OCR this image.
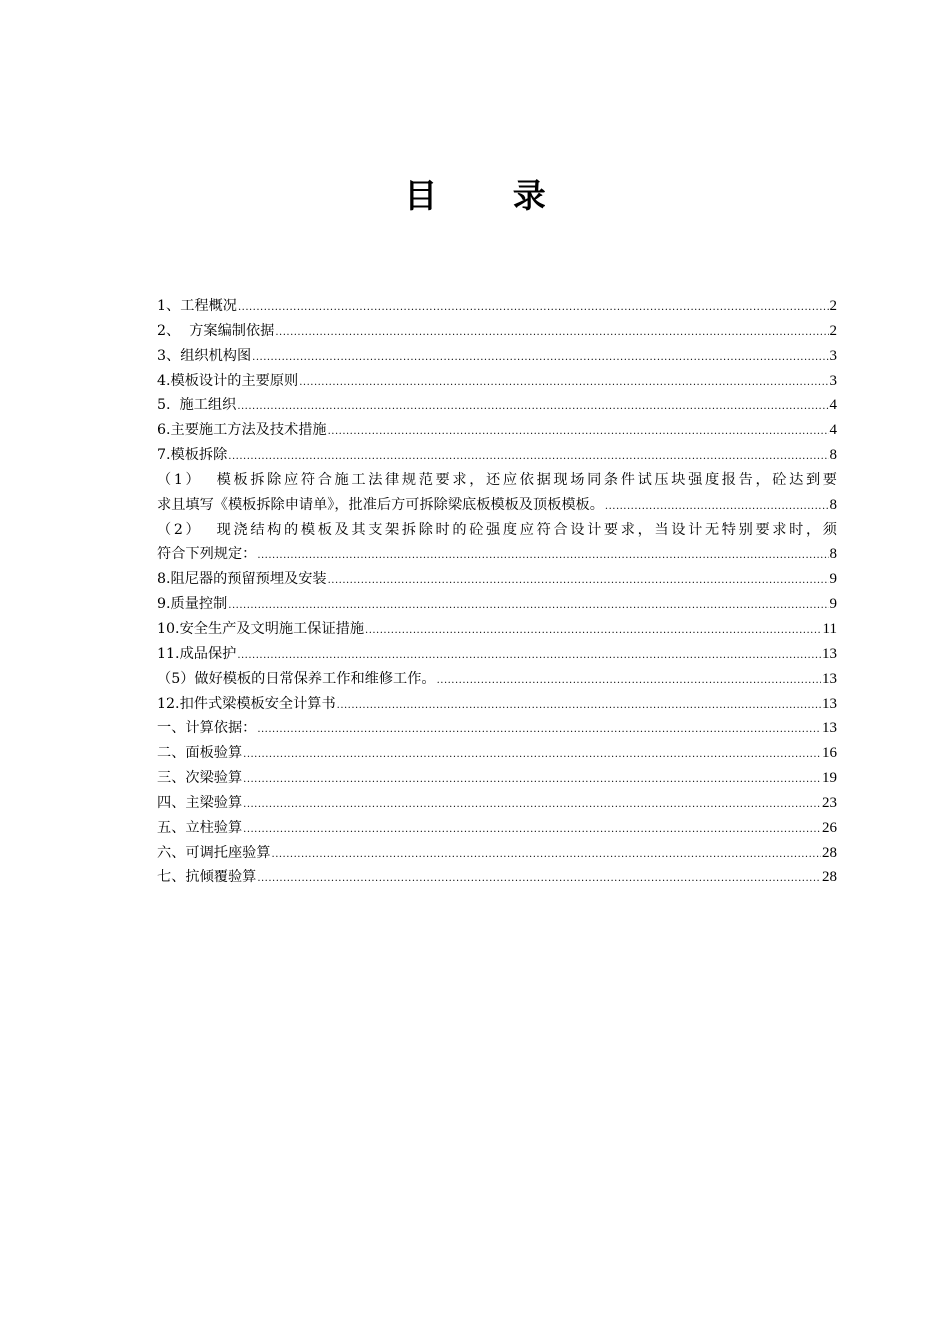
目 录
1、工程概况 .....	2
2、  方案编制依据 .....	2
3、组织机构图 .....	3
4.模板设计的主要原则 .....	3
5.  施工组织 .....	4
6.主要施工方法及技术措施 .....	4
7.模板拆除 .....	8
（1）  模板拆除应符合施工法律规范要求，还应依据现场同条件试压块强度报告，砼达到要
求且填写《模板拆除申请单》，批准后方可拆除梁底板模板及顶板模板。 .....	8
（2）  现浇结构的模板及其支架拆除时的砼强度应符合设计要求，当设计无特别要求时，须
符合下列规定： .....	8
8.阻尼器的预留预埋及安装 .....	9
9.质量控制 .....	9
10.安全生产及文明施工保证措施 .....	11
11.成品保护 .....	13
（5）做好模板的日常保养工作和维修工作。 .....	13
12.扣件式梁模板安全计算书 .....	13
一、计算依据： .....	13
二、面板验算 .....	16
三、次梁验算 .....	19
四、主梁验算 .....	23
五、立柱验算 .....	26
六、可调托座验算 .....	28
七、抗倾覆验算 .....	28
